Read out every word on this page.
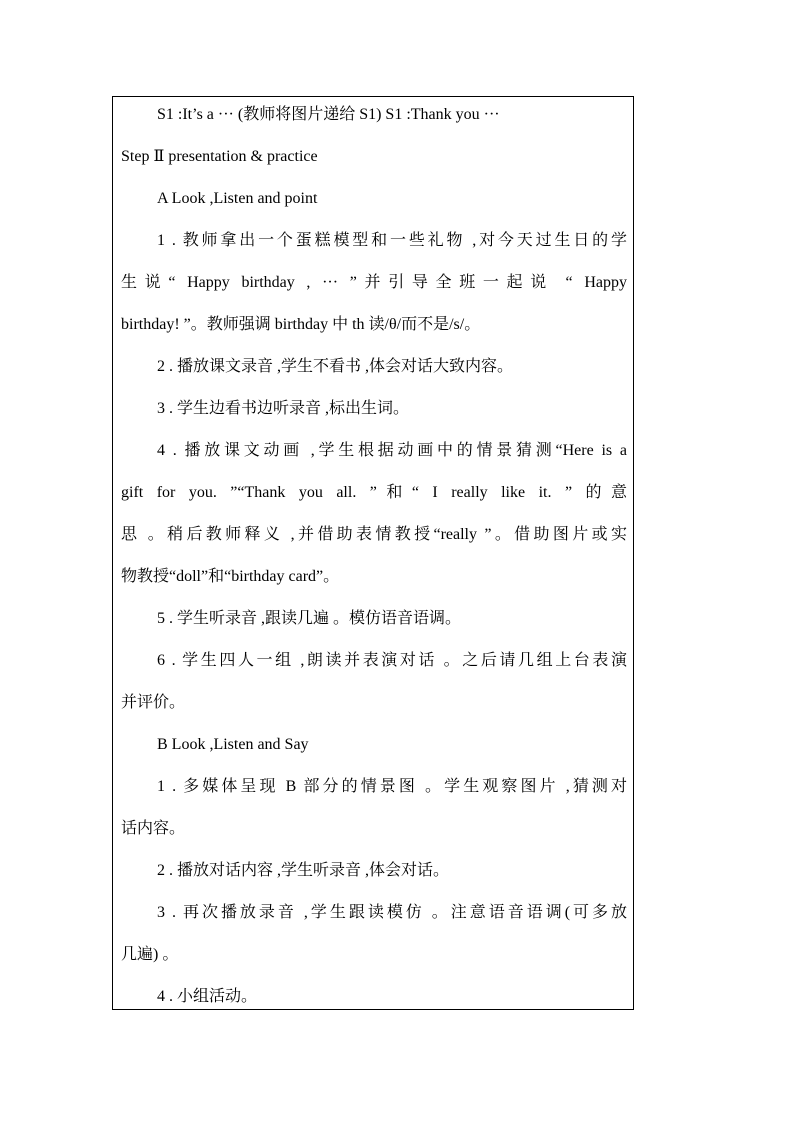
S1 :It’s a ··· (教师将图片递给 S1) S1 :Thank you ···
Step Ⅱ presentation & practice
A Look ,Listen and point
1 . 教师拿出一个蛋糕模型和一些礼物 ,对今天过生日的学
生说“ Happy birthday , ··· ”并引导全班一起说 “ Happy
birthday! ”。教师强调 birthday 中 th 读/θ/而不是/s/。
2 . 播放课文录音 ,学生不看书 ,体会对话大致内容。
3 . 学生边看书边听录音 ,标出生词。
4 . 播放课文动画 ,学生根据动画中的情景猜测“Here is a
gift for you. ”“Thank you all. ”和“ I really like it. ” 的意
思 。稍后教师释义 ,并借助表情教授“really ”。借助图片或实
物教授“doll”和“birthday card”。
5 . 学生听录音 ,跟读几遍 。模仿语音语调。
6 . 学生四人一组 ,朗读并表演对话 。之后请几组上台表演
并评价。
B Look ,Listen and Say
1 . 多媒体呈现 B 部分的情景图 。学生观察图片 ,猜测对
话内容。
2 . 播放对话内容 ,学生听录音 ,体会对话。
3 . 再次播放录音 ,学生跟读模仿 。注意语音语调(可多放
几遍) 。
4 . 小组活动。
